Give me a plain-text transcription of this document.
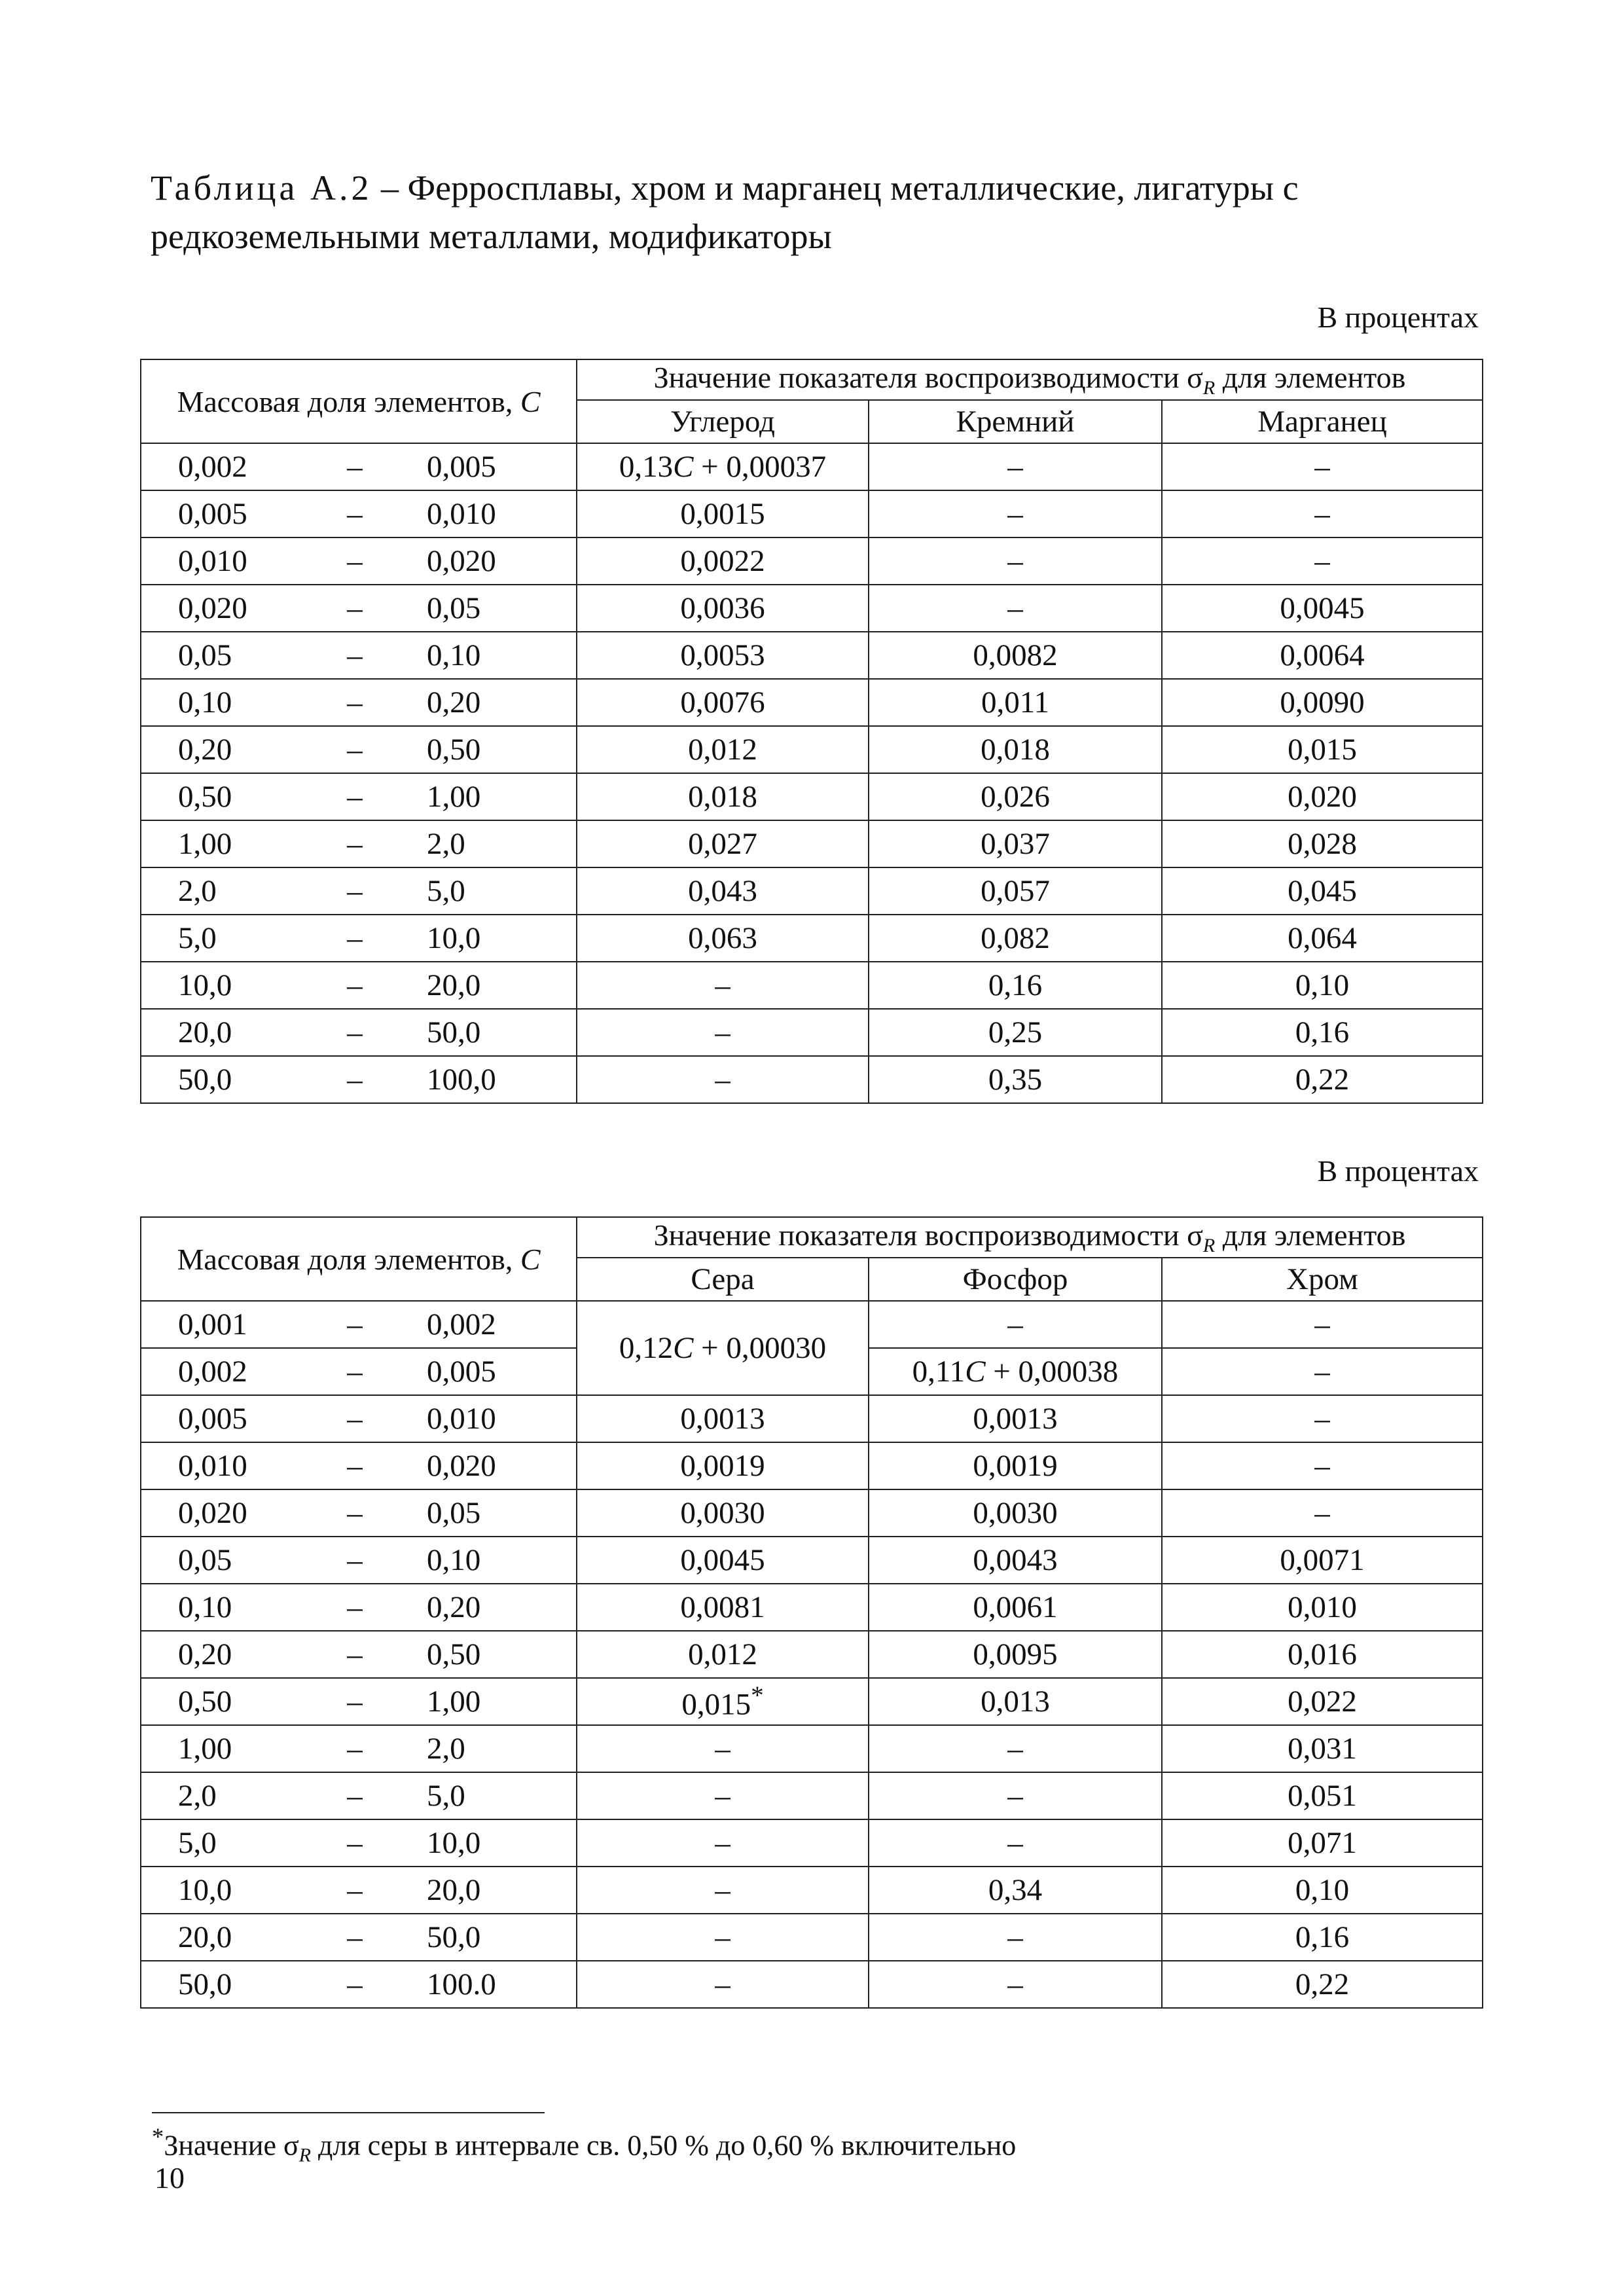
Таблица А.2 – Ферросплавы, хром и марганец металлические, лигатуры с редкоземельными металлами, модификаторы
В процентах
Массовая доля элементов, C	Значение показателя воспроизводимости $\sigma_R$ для элементов		
	Углерод	Кремний	Марганец

0,002 – 0,005	0,13C + 0,00037	–	–

0,005 – 0,010	0,0015	–	–

0,010 – 0,020	0,0022	–	–

0,020 – 0,05	0,0036	–	0,0045

0,05 – 0,10	0,0053	0,0082	0,0064

0,10 – 0,20	0,0076	0,011	0,0090

0,20 – 0,50	0,012	0,018	0,015

0,50 – 1,00	0,018	0,026	0,020

1,00 – 2,0	0,027	0,037	0,028

2,0 – 5,0	0,043	0,057	0,045

5,0 – 10,0	0,063	0,082	0,064

10,0 – 20,0	–	0,16	0,10

20,0 – 50,0	–	0,25	0,16

50,0 – 100,0	–	0,35	0,22
В процентах
Массовая доля элементов, C	Значение показателя воспроизводимости $\sigma_R$ для элементов		
	Сера	Фосфор	Хром

0,001 – 0,002	0,12C + 0,00030	–	–

0,002 – 0,005		0,11C + 0,00038	–

0,005 – 0,010	0,0013	0,0013	–

0,010 – 0,020	0,0019	0,0019	–

0,020 – 0,05	0,0030	0,0030	–

0,05 – 0,10	0,0045	0,0043	0,0071

0,10 – 0,20	0,0081	0,0061	0,010

0,20 – 0,50	0,012	0,0095	0,016

0,50 – 1,00	0,015*	0,013	0,022

1,00 – 2,0	–	–	0,031

2,0 – 5,0	–	–	0,051

5,0 – 10,0	–	–	0,071

10,0 – 20,0	–	0,34	0,10

20,0 – 50,0	–	–	0,16

50,0 – 100.0	–	–	0,22
*Значение $\sigma_R$ для серы в интервале св. 0,50 % до 0,60 % включительно
10
